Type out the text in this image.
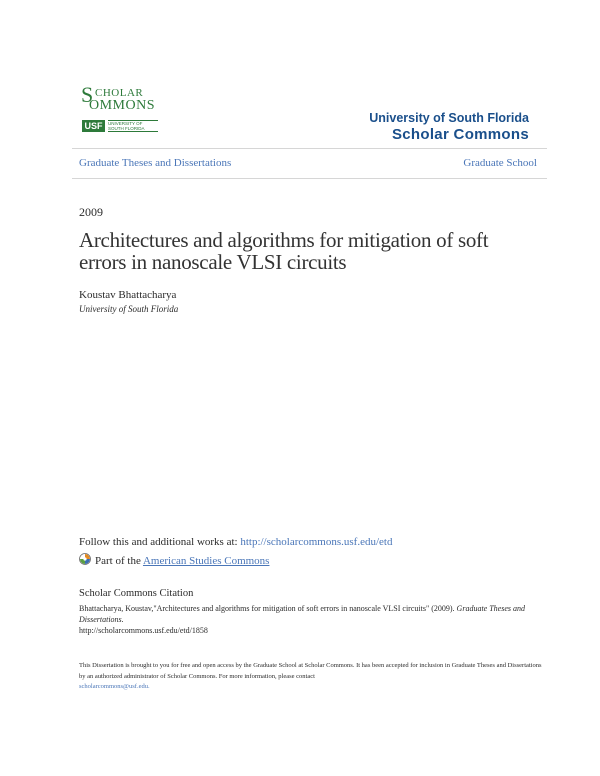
S CHOLAR
OMMONS
USF	UNIVERSITY OF
SOUTH FLORIDA
University of South Florida
Scholar Commons
Graduate Theses and Dissertations	Graduate School
2009
Architectures and algorithms for mitigation of soft errors in nanoscale VLSI circuits
Koustav Bhattacharya
University of South Florida
Follow this and additional works at: http://scholarcommons.usf.edu/etd
Part of the American Studies Commons
Scholar Commons Citation
Bhattacharya, Koustav,"Architectures and algorithms for mitigation of soft errors in nanoscale VLSI circuits" (2009). Graduate Theses and Dissertations.
http://scholarcommons.usf.edu/etd/1858
This Dissertation is brought to you for free and open access by the Graduate School at Scholar Commons. It has been accepted for inclusion in Graduate Theses and Dissertations by an authorized administrator of Scholar Commons. For more information, please contact
scholarcommons@usf.edu.
